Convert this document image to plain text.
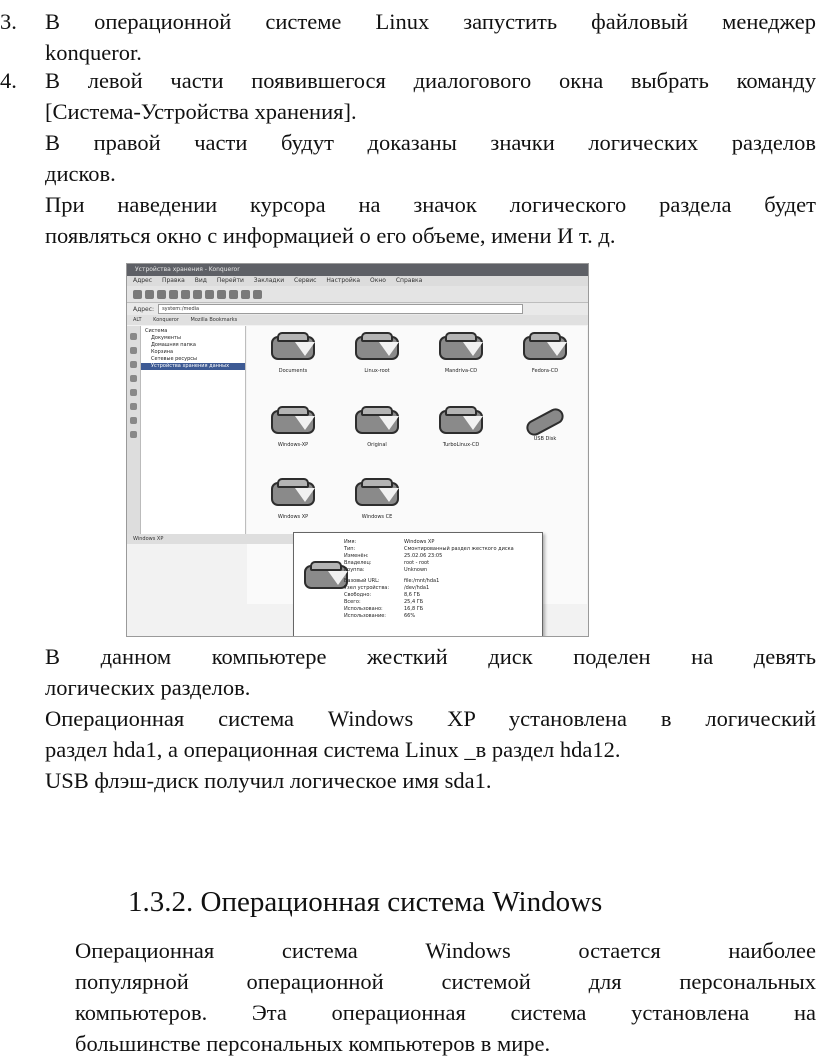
3. В операционной системе Linux запустить файловый менеджер
konqueror.
4. В левой части появившегося диалогового окна выбрать команду
[Система-Устройства хранения].
В правой части будут доказаны значки логических разделов
дисков.
При наведении курсора на значок логического раздела будет
появляться окно с информацией о его объеме, имени И т. д.
Устройства хранения - Konqueror
Адрес Правка Вид Перейти Закладки Сервис Настройка Окно Справка
Адрес:	system:/media
ALT Konqueror Mozilla Bookmarks
Система
Документы
Домашняя папка
Корзина
Сетевые ресурсы
Устройства хранения данных
Documents	Linux-root	Mandriva-CD	Fedora-CD
Windows-XP	Original	TurboLinux-CD
USB Disk
Windows XP	Windows CE
Windows XP	Имя:	Windows XP
Тип:	Смонтированный раздел жесткого диска
Изменён:	25.02.06 23:05
Владелец:	root - root
Группа:	Unknown
Базовый URL:	file:/mnt/hda1
Узел устройства:	/dev/hda1
Свободно:	8,6 ГБ
Всего:	25,4 ГБ
Использовано:	16,8 ГБ
Использование:	66%
В данном компьютере жесткий диск поделен на девять
логических разделов.
Операционная система Windows XP установлена в логический
раздел hda1, а операционная система Linux _в раздел hda12.
USB флэш-диск получил логическое имя sda1.
1.3.2. Операционная система Windows
Операционная система Windows остается наиболее
популярной операционной системой для персональных
компьютеров. Эта операционная система установлена на
большинстве персональных компьютеров в мире.
